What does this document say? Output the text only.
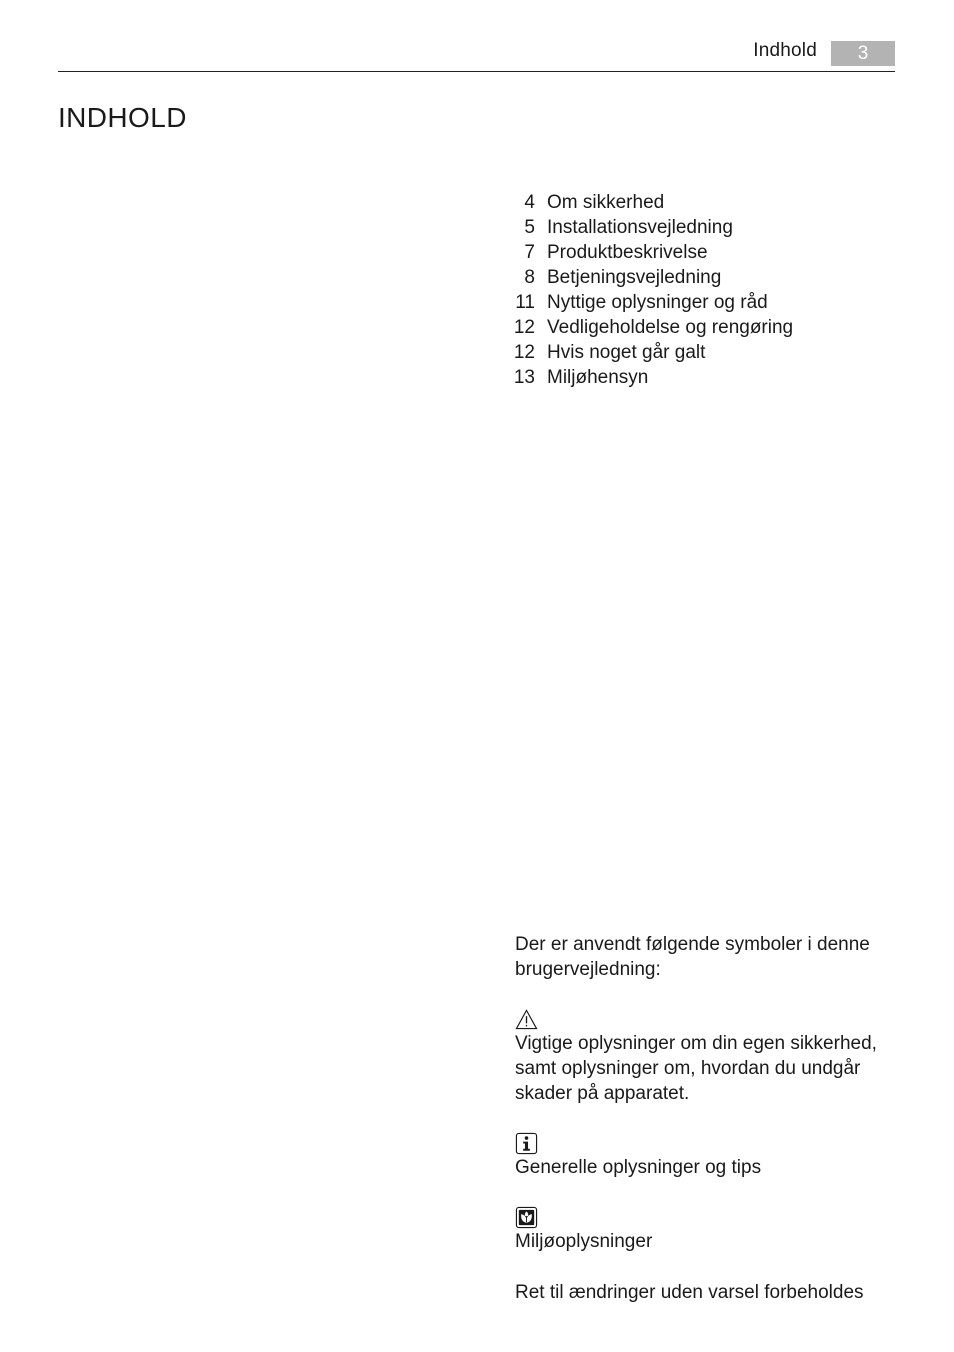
Indhold	3
INDHOLD
4 Om sikkerhed
5 Installationsvejledning
7 Produktbeskrivelse
8 Betjeningsvejledning
11 Nyttige oplysninger og råd
12 Vedligeholdelse og rengøring
12 Hvis noget går galt
13 Miljøhensyn

Der er anvendt følgende symboler i denne brugervejledning:

Vigtige oplysninger om din egen sikkerhed, samt oplysninger om, hvordan du undgår skader på apparatet.

Generelle oplysninger og tips

Miljøoplysninger

Ret til ændringer uden varsel forbeholdes
